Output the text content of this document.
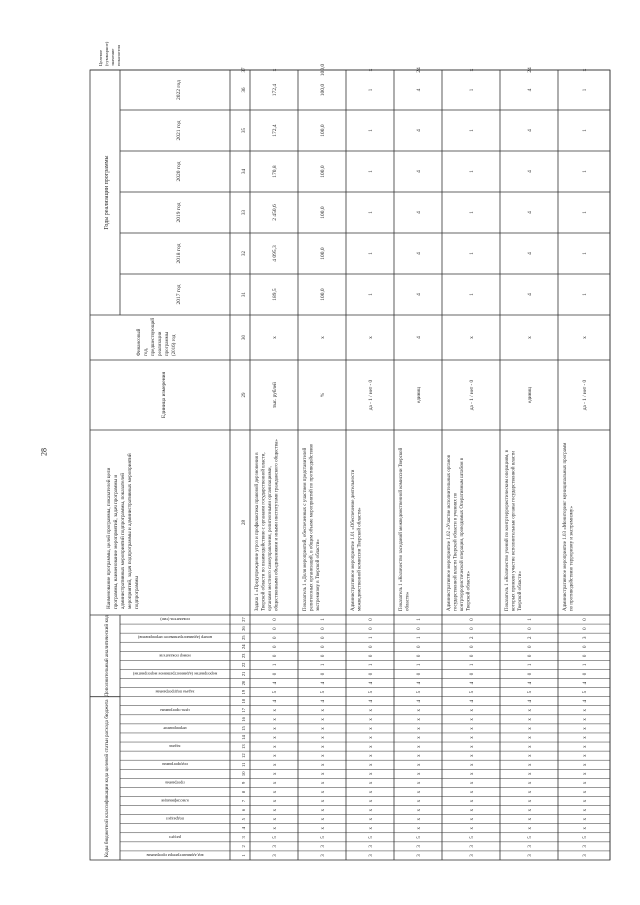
28
Коды бюджетной классификации кода целевой статьи расхода бюджета
Дополнительный аналитический код
Наименование программы, целей программы, показателей целипрограммы, наименование мероприятий, задач программы иадминистративных мероприятий подпрограммы, показателеймероприятий, задач подпрограммы и административных мероприятийподпрограммы
Единица измерения
Финансовый год, предшествующий реализации программы (2016) год
Годы реализации программы
Целевое(суммарное)значениепоказателя
2017 год
2018 год
2019 год
2020 год
2021 год
2022 год
код администратора программы
раздел
подраздел
классификация
программа
подпрограмма
задача
мероприятие
цель программы
задача подпрограммы
мероприятие (административное мероприятие)
номер показателя
номер (административного мероприятия)
показатель (тип)
1
2
3
4
5
6
7
8
9
10
11
12
13
14
15
16
17
18
19
20
21
22
23
24
25
26
27
28
29
30
31
32
33
34
35
36
37
3
3
5
x
x
x
x
x
x
x
x
x
x
x
x
x
x
4
5
4
0
1
0
0
0
0
0
Задача 1 «Предупреждение угроз и профилактика правовой дерзновения в Тверской области по взаимодействию с органами государственной власти, органами местного самоуправления, религиозными организациями, общественными объединениями и иными институтами гражданского общества»
тыс. рублей
x
189,5
4 095,3
2 450,6
170,8
172,4
172,4
x
3
3
5
x
x
x
x
x
x
x
x
x
x
x
x
x
x
4
5
4
0
1
0
0
0
0
1
Показатель 1 «Доля мероприятий, обеспеченных с участием представителей религиозных организаций, в общем объеме мероприятий по противодействию экстремизму в Тверской области»
%
x
100,0
100,0
100,0
100,0
100,0
100,0
100,0
3
3
5
x
x
x
x
x
x
x
x
x
x
x
x
x
x
4
5
4
0
1
0
0
1
0
0
Административное мероприятие 1.01 «Обеспечение деятельности межведомственной комиссии Тверской области»
да - 1 / нет - 0
x
1
1
1
1
1
1
x
3
3
5
x
x
x
x
x
x
x
x
x
x
x
x
x
x
4
5
4
0
1
0
0
1
0
1
Показатель 1 «Количество заседаний межведомственной комиссии Тверской области»
единиц
4
4
4
4
4
4
4
24
3
3
5
x
x
x
x
x
x
x
x
x
x
x
x
x
x
4
5
4
0
1
0
0
2
0
0
Административное мероприятие 1.02 «Участие исполнительных органов государственной власти Тверской области в учениях по контртеррористической операции, проводимых Оперативным штабом в Тверской области»
да - 1 / нет - 0
x
1
1
1
1
1
1
x
3
3
5
x
x
x
x
x
x
x
x
x
x
x
x
x
x
4
5
4
0
1
0
0
2
0
1
Показатель 1 «Количество учений по контртеррористическим операциям, в которых приняли участие исполнительные органы государственной власти Тверской области»
единиц
x
4
4
4
4
4
4
24
3
3
5
x
x
x
x
x
x
x
x
x
x
x
x
x
x
4
5
4
0
1
0
0
3
0
0
Административное мероприятие 1.03 «Мониторинг муниципальных программ по противодействию терроризму и экстремизму»
да - 1 / нет - 0
x
1
1
1
1
1
1
x
